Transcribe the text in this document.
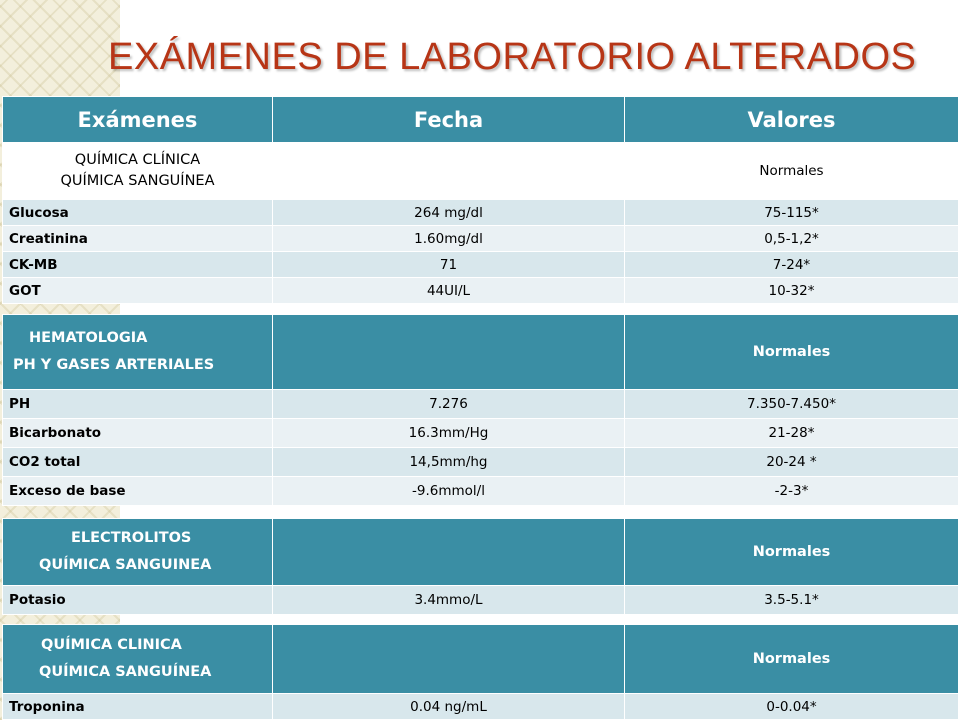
EXÁMENES DE LABORATORIO ALTERADOS
Exámenes	Fecha	Valores

QUÍMICA CLÍNICA
QUÍMICA SANGUÍNEA		Normales
Glucosa	264 mg/dl	75-115*
Creatinina	1.60mg/dl	0,5-1,2*
CK-MB	71	7-24*
GOT	44UI/L	10-32*
HEMATOLOGIA
PH Y GASES ARTERIALES		Normales
PH	7.276	7.350-7.450*
Bicarbonato	16.3mm/Hg	21-28*
CO2 total	14,5mm/hg	20-24 *
Exceso de base	-9.6mmol/l	-2-3*
ELECTROLITOS
QUÍMICA SANGUINEA		Normales
Potasio	3.4mmo/L	3.5-5.1*
QUÍMICA CLINICA
QUÍMICA SANGUÍNEA		Normales
Troponina	0.04 ng/mL	0-0.04*
